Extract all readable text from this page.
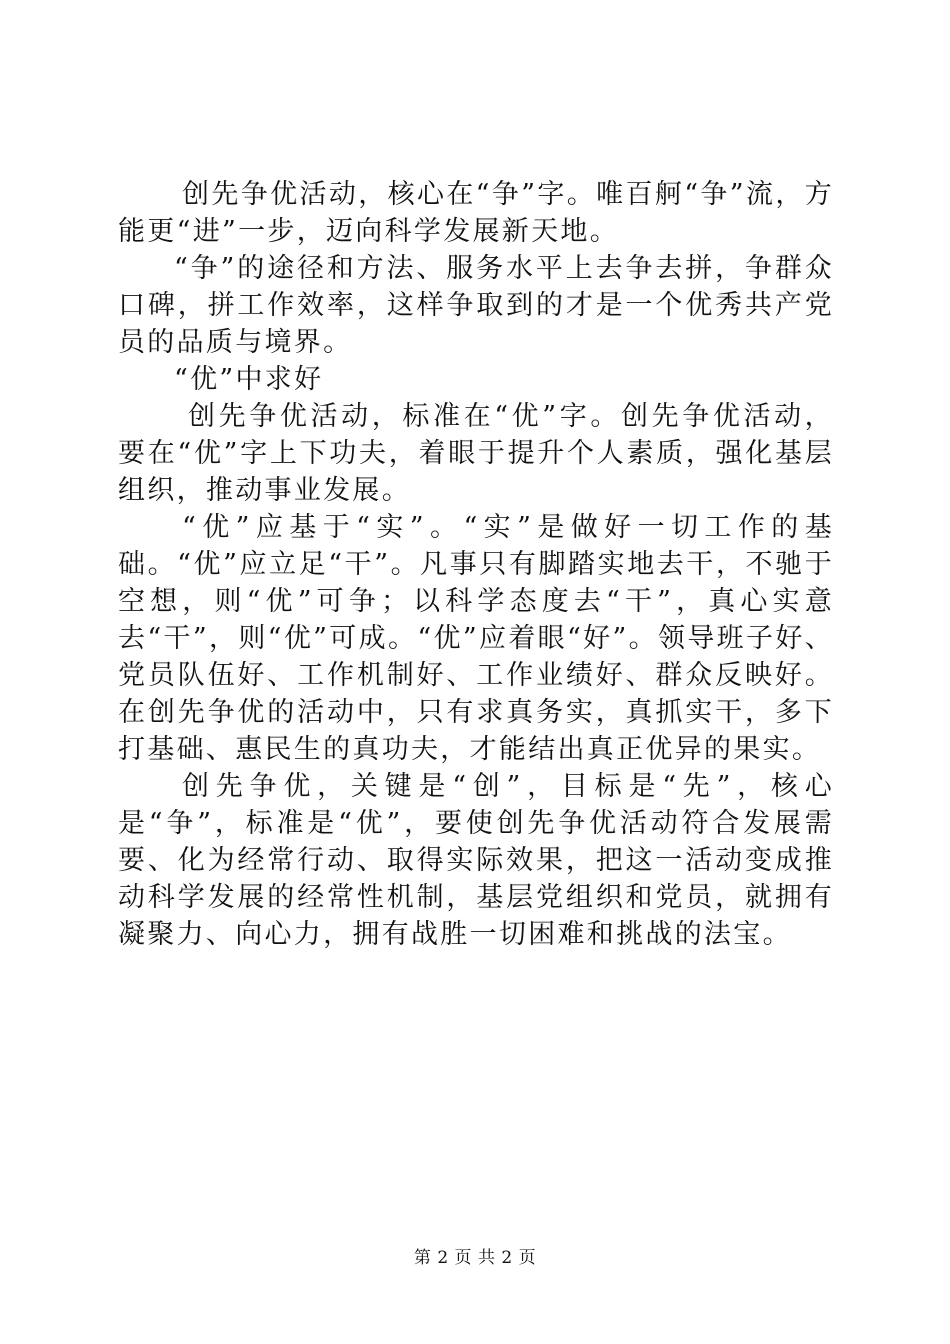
创先争优活动，核心在“争”字。唯百舸“争”流，方能更“进”一步，迈向科学发展新天地。

“争”的途径和方法、服务水平上去争去拼，争群众口碑，拼工作效率，这样争取到的才是一个优秀共产党员的品质与境界。

“优”中求好

创先争优活动，标准在“优”字。创先争优活动，要在“优”字上下功夫，着眼于提升个人素质，强化基层组织，推动事业发展。

“优”应基于“实”。“实”是做好一切工作的基础。“优”应立足“干”。凡事只有脚踏实地去干，不驰于空想，则“优”可争；以科学态度去“干”，真心实意去“干”，则“优”可成。“优”应着眼“好”。领导班子好、党员队伍好、工作机制好、工作业绩好、群众反映好。在创先争优的活动中，只有求真务实，真抓实干，多下打基础、惠民生的真功夫，才能结出真正优异的果实。

创先争优，关键是“创”，目标是“先”，核心是“争”，标准是“优”，要使创先争优活动符合发展需要、化为经常行动、取得实际效果，把这一活动变成推动科学发展的经常性机制，基层党组织和党员，就拥有凝聚力、向心力，拥有战胜一切困难和挑战的法宝。

第 2 页 共 2 页
